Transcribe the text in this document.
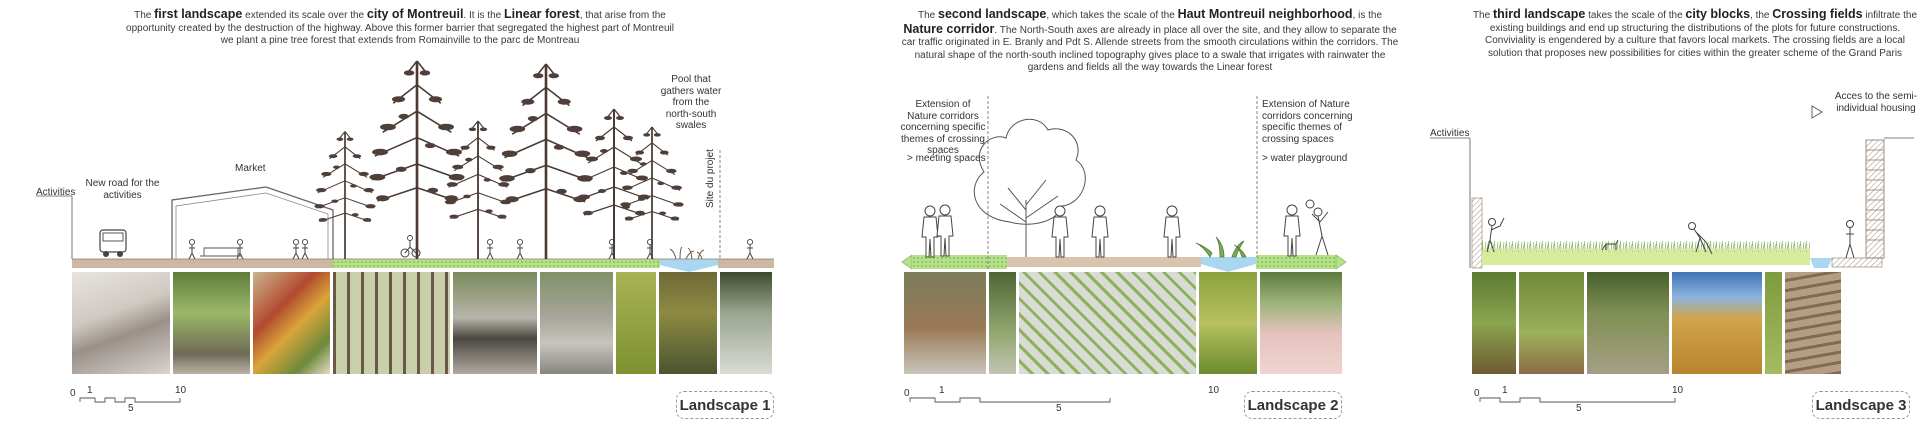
The first landscape extended its scale over the city of Montreuil. It is the Linear forest, that arise from the opportunity created by the destruction of the highway. Above this former barrier that segregated the highest part of Montreuil we plant a pine tree forest that extends from Romainville to the parc de Montreau
Activities
New road for the activities
Market
Pool that gathers water from the north-south swales
Site du projet
0 1
5
10
Landscape 1
The second landscape, which takes the scale of the Haut Montreuil neighborhood, is the Nature corridor. The North-South axes are already in place all over the site, and they allow to separate the car traffic originated in E. Branly and Pdt S. Allende streets from the smooth circulations within the corridors. The natural shape of the north-south inclined topography gives place to a swale that irrigates with rainwater the gardens and fields all the way towards the Linear forest
Extension of Nature corridors concerning specific themes of crossing spaces
> meeting spaces
Extension of Nature corridors concerning specific themes of crossing spaces
> water playground
0	1
5
10
Landscape 2
The third landscape takes the scale of the city blocks, the Crossing fields infiltrate the existing buildings and end up structuring the distributions of the plots for future constructions. Conviviality is engendered by a culture that favors local markets. The crossing fields are a local solution that proposes new possibilities for cities within the greater scheme of the Grand Paris
Activities
Acces to the semi-individual housing
0 1
5
10
Landscape 3
